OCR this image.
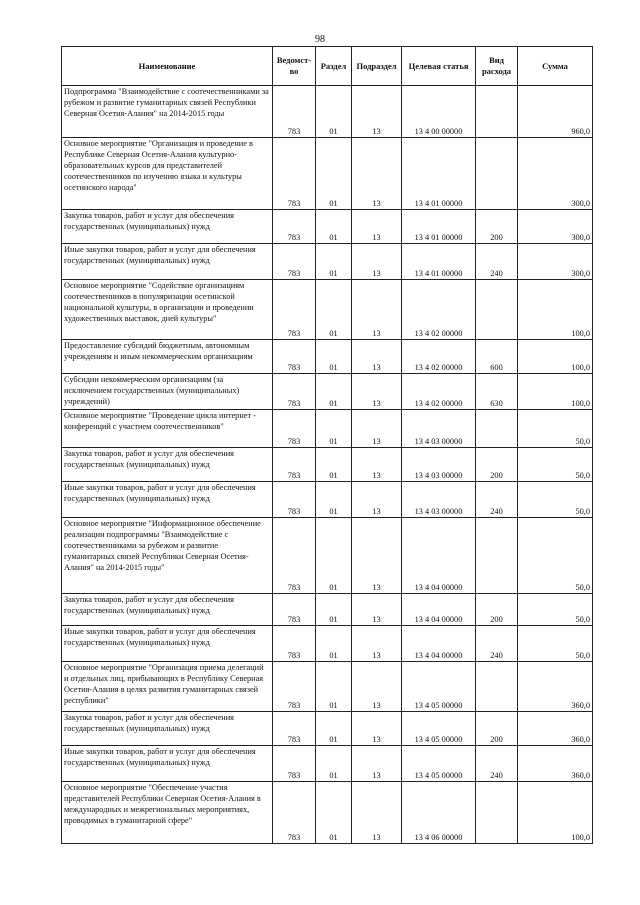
98
Наименование	Ведомст-во	Раздел	Подраздел	Целевая статья	Вид расхода	Сумма
Подпрограмма "Взаимодействие с соотечественниками за рубежом и развитие гуманитарных связей Республики Северная Осетия-Алания" на 2014-2015 годы	783	01	13	13 4 00 00000		960,0
Основное мероприятие "Организация и проведение в Республике Северная Осетия-Алания культурно-образовательных курсов для представителей соотечественников по изучению языка и культуры осетинского народа"	783	01	13	13 4 01 00000		300,0
Закупка товаров, работ и услуг для обеспечения государственных (муниципальных) нужд	783	01	13	13 4 01 00000	200	300,0
Иные закупки товаров, работ и услуг для обеспечения государственных (муниципальных) нужд	783	01	13	13 4 01 00000	240	300,0
Основное мероприятие "Содействие организациям соотечественников в популяризации осетинской национальной культуры, в организации и проведении художественных выставок, дней культуры"	783	01	13	13 4 02 00000		100,0
Предоставление субсидий бюджетным, автономным учреждениям и иным некоммерческим организациям	783	01	13	13 4 02 00000	600	100,0
Субсидии некоммерческим организациям (за исключением государственных (муниципальных) учреждений)	783	01	13	13 4 02 00000	630	100,0
Основное мероприятие "Проведение цикла интернет - конференций с участием соотечественников"	783	01	13	13 4 03 00000		50,0
Закупка товаров, работ и услуг для обеспечения государственных (муниципальных) нужд	783	01	13	13 4 03 00000	200	50,0
Иные закупки товаров, работ и услуг для обеспечения государственных (муниципальных) нужд	783	01	13	13 4 03 00000	240	50,0
Основное мероприятие "Информационное обеспечение реализации подпрограммы "Взаимодействие с соотечественниками за рубежом и развитие гуманитарных связей Республики Северная Осетия-Алания" на 2014-2015 годы"	783	01	13	13 4 04 00000		50,0
Закупка товаров, работ и услуг для обеспечения государственных (муниципальных) нужд	783	01	13	13 4 04 00000	200	50,0
Иные закупки товаров, работ и услуг для обеспечения государственных (муниципальных) нужд	783	01	13	13 4 04 00000	240	50,0
Основное мероприятие "Организация приема делегаций и отдельных лиц, прибывающих в Республику Северная Осетия-Алания в целях развития гуманитарных связей республики"	783	01	13	13 4 05 00000		360,0
Закупка товаров, работ и услуг для обеспечения государственных (муниципальных) нужд	783	01	13	13 4 05 00000	200	360,0
Иные закупки товаров, работ и услуг для обеспечения государственных (муниципальных) нужд	783	01	13	13 4 05 00000	240	360,0
Основное мероприятие "Обеспечение участия представителей Республики Северная Осетия-Алания в международных и межрегиональных мероприятиях, проводимых в гуманитарной сфере"	783	01	13	13 4 06 00000		100,0
